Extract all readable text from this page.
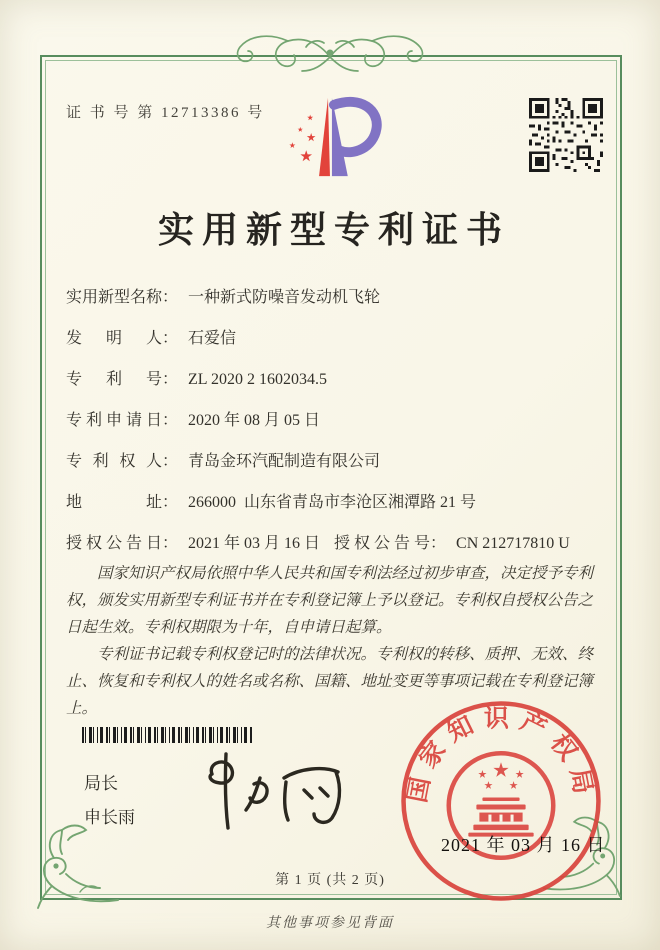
证 书 号 第 12713386 号
实用新型专利证书
实用新型名称： 一种新式防噪音发动机飞轮
发明人： 石爱信
专利号： ZL 2020 2 1602034.5
专利申请日： 2020 年 08 月 05 日
专利权人： 青岛金环汽配制造有限公司
地址： 266000  山东省青岛市李沧区湘潭路 21 号
授权公告日： 2021 年 03 月 16 日 授权公告号： CN 212717810 U

国家知识产权局依照中华人民共和国专利法经过初步审查，决定授予专利权，颁发实用新型专利证书并在专利登记簿上予以登记。专利权自授权公告之日起生效。专利权期限为十年，自申请日起算。

专利证书记载专利权登记时的法律状况。专利权的转移、质押、无效、终止、恢复和专利权人的姓名或名称、国籍、地址变更等事项记载在专利登记簿上。

局长
申长雨
国家知识产权局
2021 年 03 月 16 日
第 1 页 (共 2 页)
其他事项参见背面
